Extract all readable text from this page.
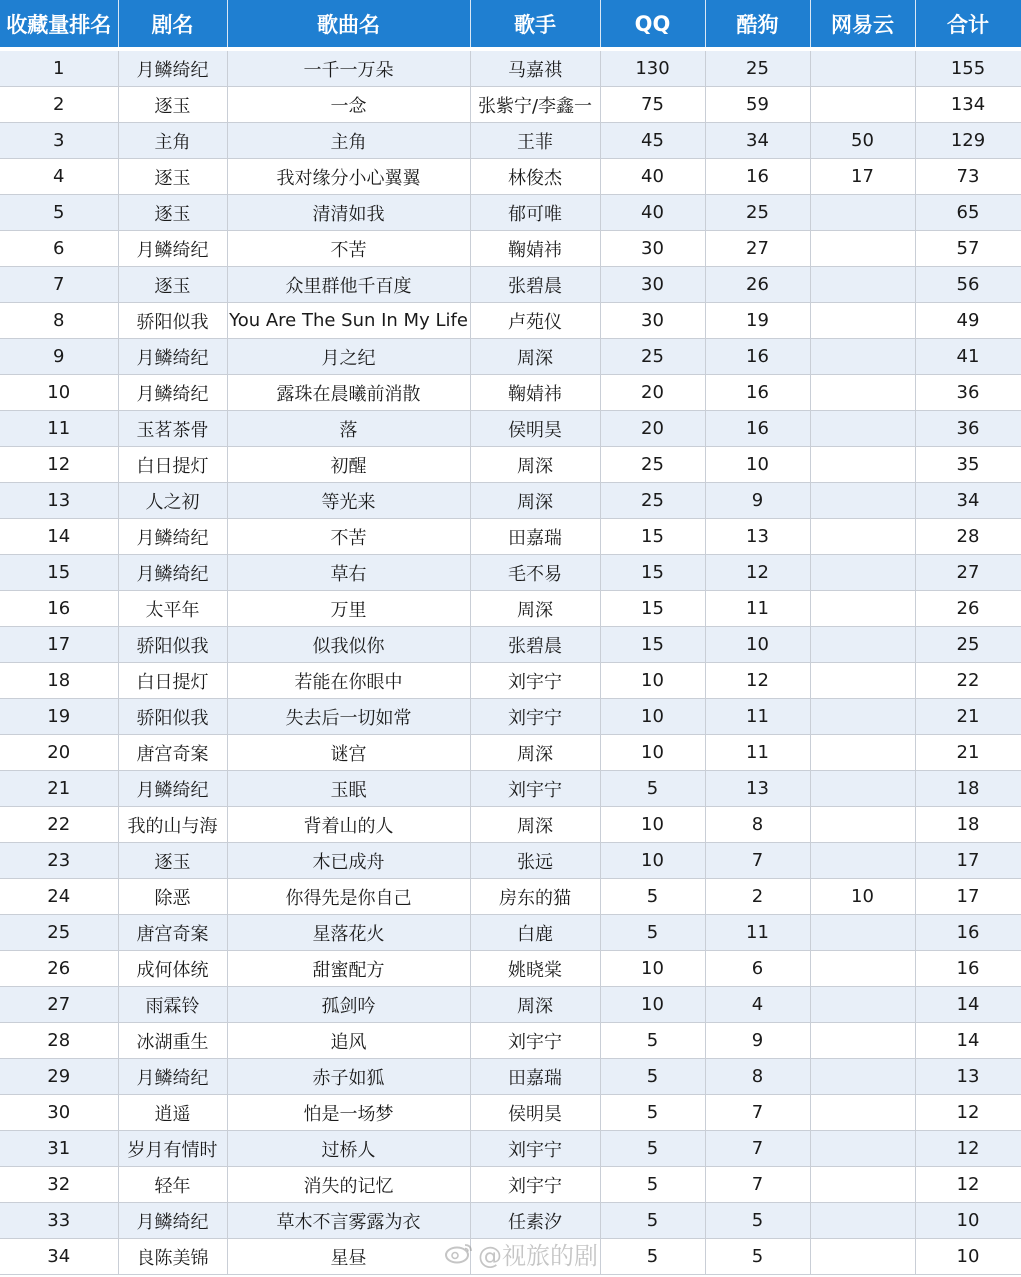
收藏量排名	剧名	歌曲名	歌手	QQ	酷狗	网易云	合计
1	月鳞绮纪	一千一万朵	马嘉祺	130	25		155
2	逐玉	一念	张紫宁/李鑫一	75	59		134
3	主角	主角	王菲	45	34	50	129
4	逐玉	我对缘分小心翼翼	林俊杰	40	16	17	73
5	逐玉	清清如我	郁可唯	40	25		65
6	月鳞绮纪	不苦	鞠婧祎	30	27		57
7	逐玉	众里群他千百度	张碧晨	30	26		56
8	骄阳似我	You Are The Sun In My Life	卢苑仪	30	19		49
9	月鳞绮纪	月之纪	周深	25	16		41
10	月鳞绮纪	露珠在晨曦前消散	鞠婧祎	20	16		36
11	玉茗茶骨	落	侯明昊	20	16		36
12	白日提灯	初醒	周深	25	10		35
13	人之初	等光来	周深	25	9		34
14	月鳞绮纪	不苦	田嘉瑞	15	13		28
15	月鳞绮纪	草右	毛不易	15	12		27
16	太平年	万里	周深	15	11		26
17	骄阳似我	似我似你	张碧晨	15	10		25
18	白日提灯	若能在你眼中	刘宇宁	10	12		22
19	骄阳似我	失去后一切如常	刘宇宁	10	11		21
20	唐宫奇案	谜宫	周深	10	11		21
21	月鳞绮纪	玉眠	刘宇宁	5	13		18
22	我的山与海	背着山的人	周深	10	8		18
23	逐玉	木已成舟	张远	10	7		17
24	除恶	你得先是你自己	房东的猫	5	2	10	17
25	唐宫奇案	星落花火	白鹿	5	11		16
26	成何体统	甜蜜配方	姚晓棠	10	6		16
27	雨霖铃	孤剑吟	周深	10	4		14
28	冰湖重生	追风	刘宇宁	5	9		14
29	月鳞绮纪	赤子如狐	田嘉瑞	5	8		13
30	逍遥	怕是一场梦	侯明昊	5	7		12
31	岁月有情时	过桥人	刘宇宁	5	7		12
32	轻年	消失的记忆	刘宇宁	5	7		12
33	月鳞绮纪	草木不言雾露为衣	任素汐	5	5		10
34	良陈美锦	星昼		5	5		10
@视旅的剧
